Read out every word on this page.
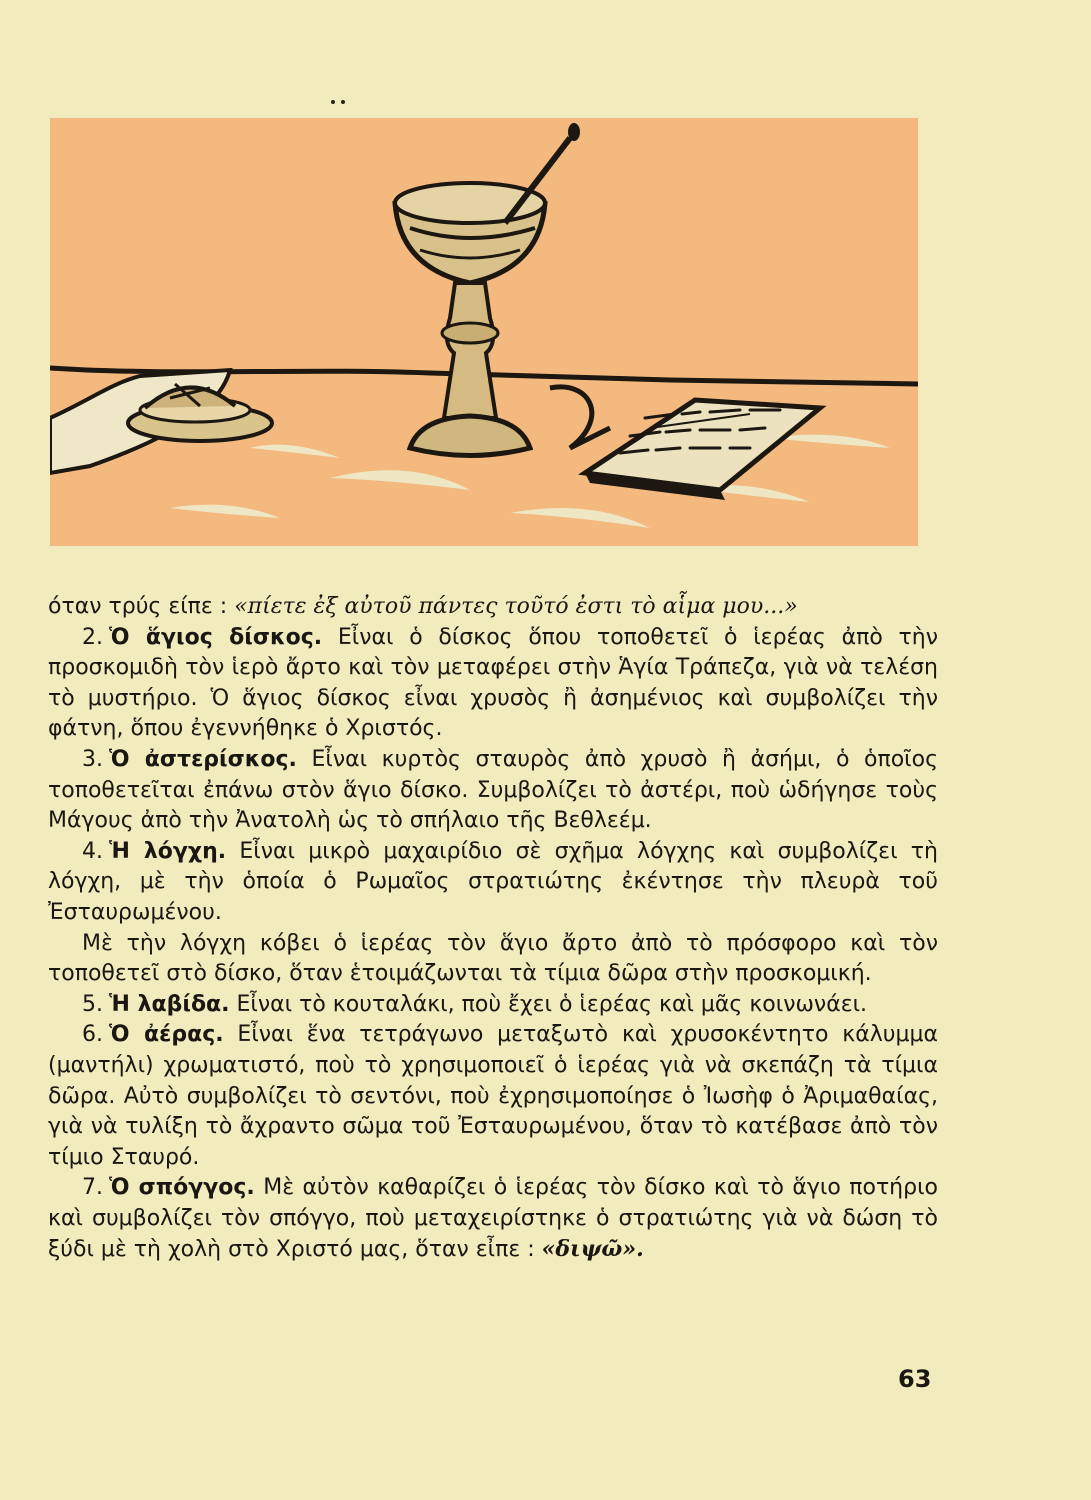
όταν τρύς είπε : «πίετε ἐξ αὐτοῦ πάντες τοῦτό ἐστι τὸ αἷμα μου...»

2. Ὁ ἅγιος δίσκος. Εἶναι ὁ δίσκος ὅπου τοποθετεῖ ὁ ἱερέας ἀπὸ τὴν προσκομιδὴ τὸν ἱερὸ ἄρτο καὶ τὸν μεταφέρει στὴν Ἁγία Τράπεζα, γιὰ νὰ τελέση τὸ μυστήριο. Ὁ ἅγιος δίσκος εἶναι χρυσὸς ἢ ἀσημένιος καὶ συμβολίζει τὴν φάτνη, ὅπου ἐγεννήθηκε ὁ Χριστός.

3. Ὁ ἀστερίσκος. Εἶναι κυρτὸς σταυρὸς ἀπὸ χρυσὸ ἢ ἀσήμι, ὁ ὁποῖος τοποθετεῖται ἐπάνω στὸν ἅγιο δίσκο. Συμβολίζει τὸ ἀστέρι, ποὺ ὡδήγησε τοὺς Μάγους ἀπὸ τὴν Ἀνατολὴ ὡς τὸ σπήλαιο τῆς Βεθλεέμ.

4. Ἡ λόγχη. Εἶναι μικρὸ μαχαιρίδιο σὲ σχῆμα λόγχης καὶ συμβολίζει τὴ λόγχη, μὲ τὴν ὁποία ὁ Ρωμαῖος στρατιώτης ἐκέντησε τὴν πλευρὰ τοῦ Ἐσταυρωμένου.

Μὲ τὴν λόγχη κόβει ὁ ἱερέας τὸν ἅγιο ἄρτο ἀπὸ τὸ πρόσφορο καὶ τὸν τοποθετεῖ στὸ δίσκο, ὅταν ἑτοιμάζωνται τὰ τίμια δῶρα στὴν προσκομική.

5. Ἡ λαβίδα. Εἶναι τὸ κουταλάκι, ποὺ ἔχει ὁ ἱερέας καὶ μᾶς κοινωνάει.

6. Ὁ ἀέρας. Εἶναι ἕνα τετράγωνο μεταξωτὸ καὶ χρυσοκέντητο κάλυμμα (μαντήλι) χρωματιστό, ποὺ τὸ χρησιμοποιεῖ ὁ ἱερέας γιὰ νὰ σκεπάζη τὰ τίμια δῶρα. Αὐτὸ συμβολίζει τὸ σεντόνι, ποὺ ἐχρησιμοποίησε ὁ Ἰωσὴφ ὁ Ἀριμαθαίας, γιὰ νὰ τυλίξη τὸ ἄχραντο σῶμα τοῦ Ἐσταυρωμένου, ὅταν τὸ κατέβασε ἀπὸ τὸν τίμιο Σταυρό.

7. Ὁ σπόγγος. Μὲ αὐτὸν καθαρίζει ὁ ἱερέας τὸν δίσκο καὶ τὸ ἅγιο ποτήριο καὶ συμβολίζει τὸν σπόγγο, ποὺ μεταχειρίστηκε ὁ στρατιώτης γιὰ νὰ δώση τὸ ξύδι μὲ τὴ χολὴ στὸ Χριστό μας, ὅταν εἶπε : «διψῶ».

63
